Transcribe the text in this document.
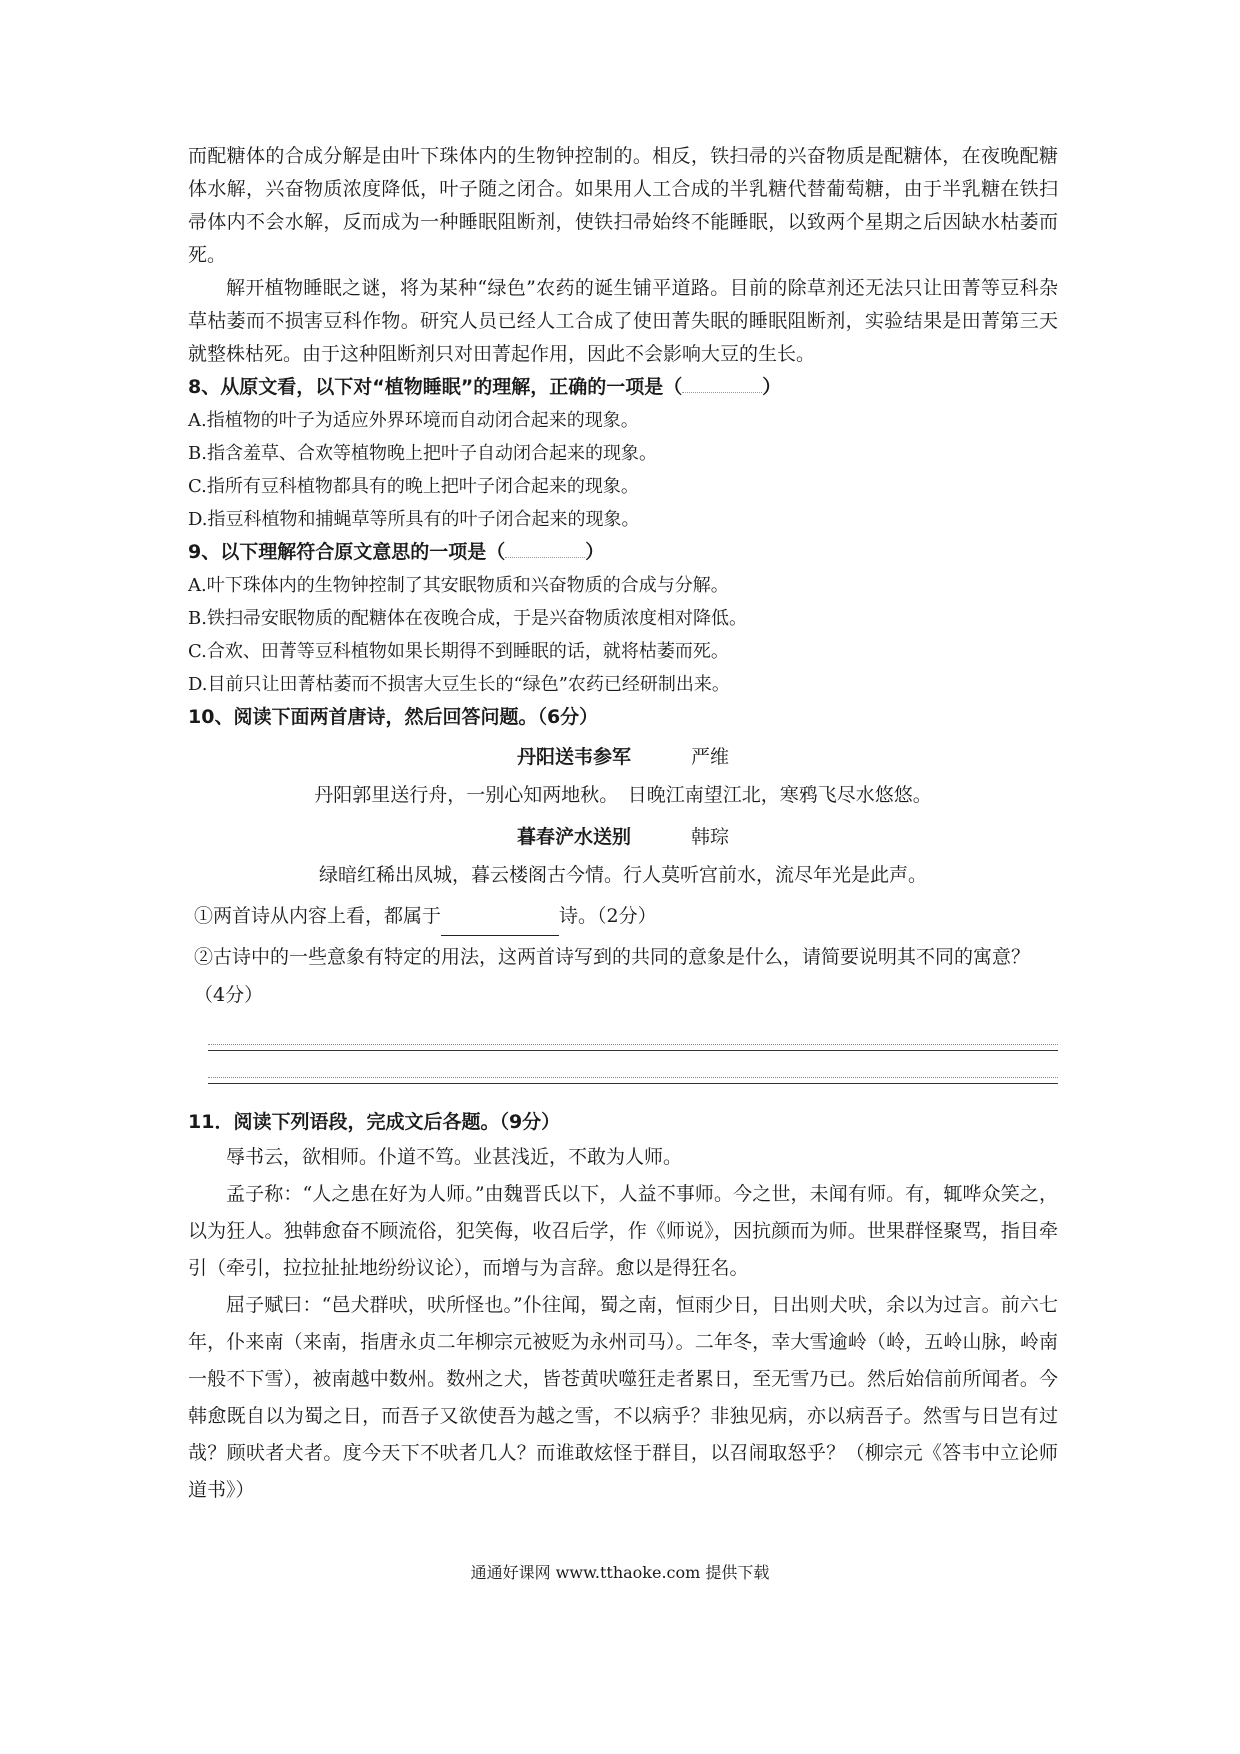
而配糖体的合成分解是由叶下珠体内的生物钟控制的。相反，铁扫帚的兴奋物质是配糖体，在夜晚配糖体水解，兴奋物质浓度降低，叶子随之闭合。如果用人工合成的半乳糖代替葡萄糖，由于半乳糖在铁扫帚体内不会水解，反而成为一种睡眠阻断剂，使铁扫帚始终不能睡眠，以致两个星期之后因缺水枯萎而死。

解开植物睡眠之谜，将为某种“绿色”农药的诞生铺平道路。目前的除草剂还无法只让田菁等豆科杂草枯萎而不损害豆科作物。研究人员已经人工合成了使田菁失眠的睡眠阻断剂，实验结果是田菁第三天就整株枯死。由于这种阻断剂只对田菁起作用，因此不会影响大豆的生长。

8、从原文看，以下对“植物睡眠”的理解，正确的一项是（	）

A.指植物的叶子为适应外界环境而自动闭合起来的现象。

B.指含羞草、合欢等植物晚上把叶子自动闭合起来的现象。

C.指所有豆科植物都具有的晚上把叶子闭合起来的现象。

D.指豆科植物和捕蝇草等所具有的叶子闭合起来的现象。

9、以下理解符合原文意思的一项是（	）

A.叶下珠体内的生物钟控制了其安眠物质和兴奋物质的合成与分解。

B.铁扫帚安眠物质的配糖体在夜晚合成，于是兴奋物质浓度相对降低。

C.合欢、田菁等豆科植物如果长期得不到睡眠的话，就将枯萎而死。

D.目前只让田菁枯萎而不损害大豆生长的“绿色”农药已经研制出来。

10、阅读下面两首唐诗，然后回答问题。（6分）

丹阳送韦参军	严维

丹阳郭里送行舟，一别心知两地秋。　日晚江南望江北，寒鸦飞尽水悠悠。

暮春浐水送别	韩琮

绿暗红稀出凤城，暮云楼阁古今情。行人莫听宫前水，流尽年光是此声。

①两首诗从内容上看，都属于	诗。（2分）

②古诗中的一些意象有特定的用法，这两首诗写到的共同的意象是什么，请简要说明其不同的寓意？（4分）

11．阅读下列语段，完成文后各题。（9分）

辱书云，欲相师。仆道不笃。业甚浅近，不敢为人师。

孟子称：“人之患在好为人师。”由魏晋氏以下，人益不事师。今之世，未闻有师。有，辄哗众笑之，以为狂人。独韩愈奋不顾流俗，犯笑侮，收召后学，作《师说》，因抗颜而为师。世果群怪聚骂，指目牵引（牵引，拉拉扯扯地纷纷议论），而增与为言辞。愈以是得狂名。

屈子赋曰：“邑犬群吠，吠所怪也。”仆往闻，蜀之南，恒雨少日，日出则犬吠，余以为过言。前六七年，仆来南（来南，指唐永贞二年柳宗元被贬为永州司马）。二年冬，幸大雪逾岭（岭，五岭山脉，岭南一般不下雪），被南越中数州。数州之犬，皆苍黄吠噬狂走者累日，至无雪乃已。然后始信前所闻者。今韩愈既自以为蜀之日，而吾子又欲使吾为越之雪，不以病乎？非独见病，亦以病吾子。然雪与日岂有过哉？顾吠者犬者。度今天下不吠者几人？而谁敢炫怪于群目，以召闹取怒乎？（柳宗元《答韦中立论师道书》）

通通好课网 www.tthaoke.com 提供下载
